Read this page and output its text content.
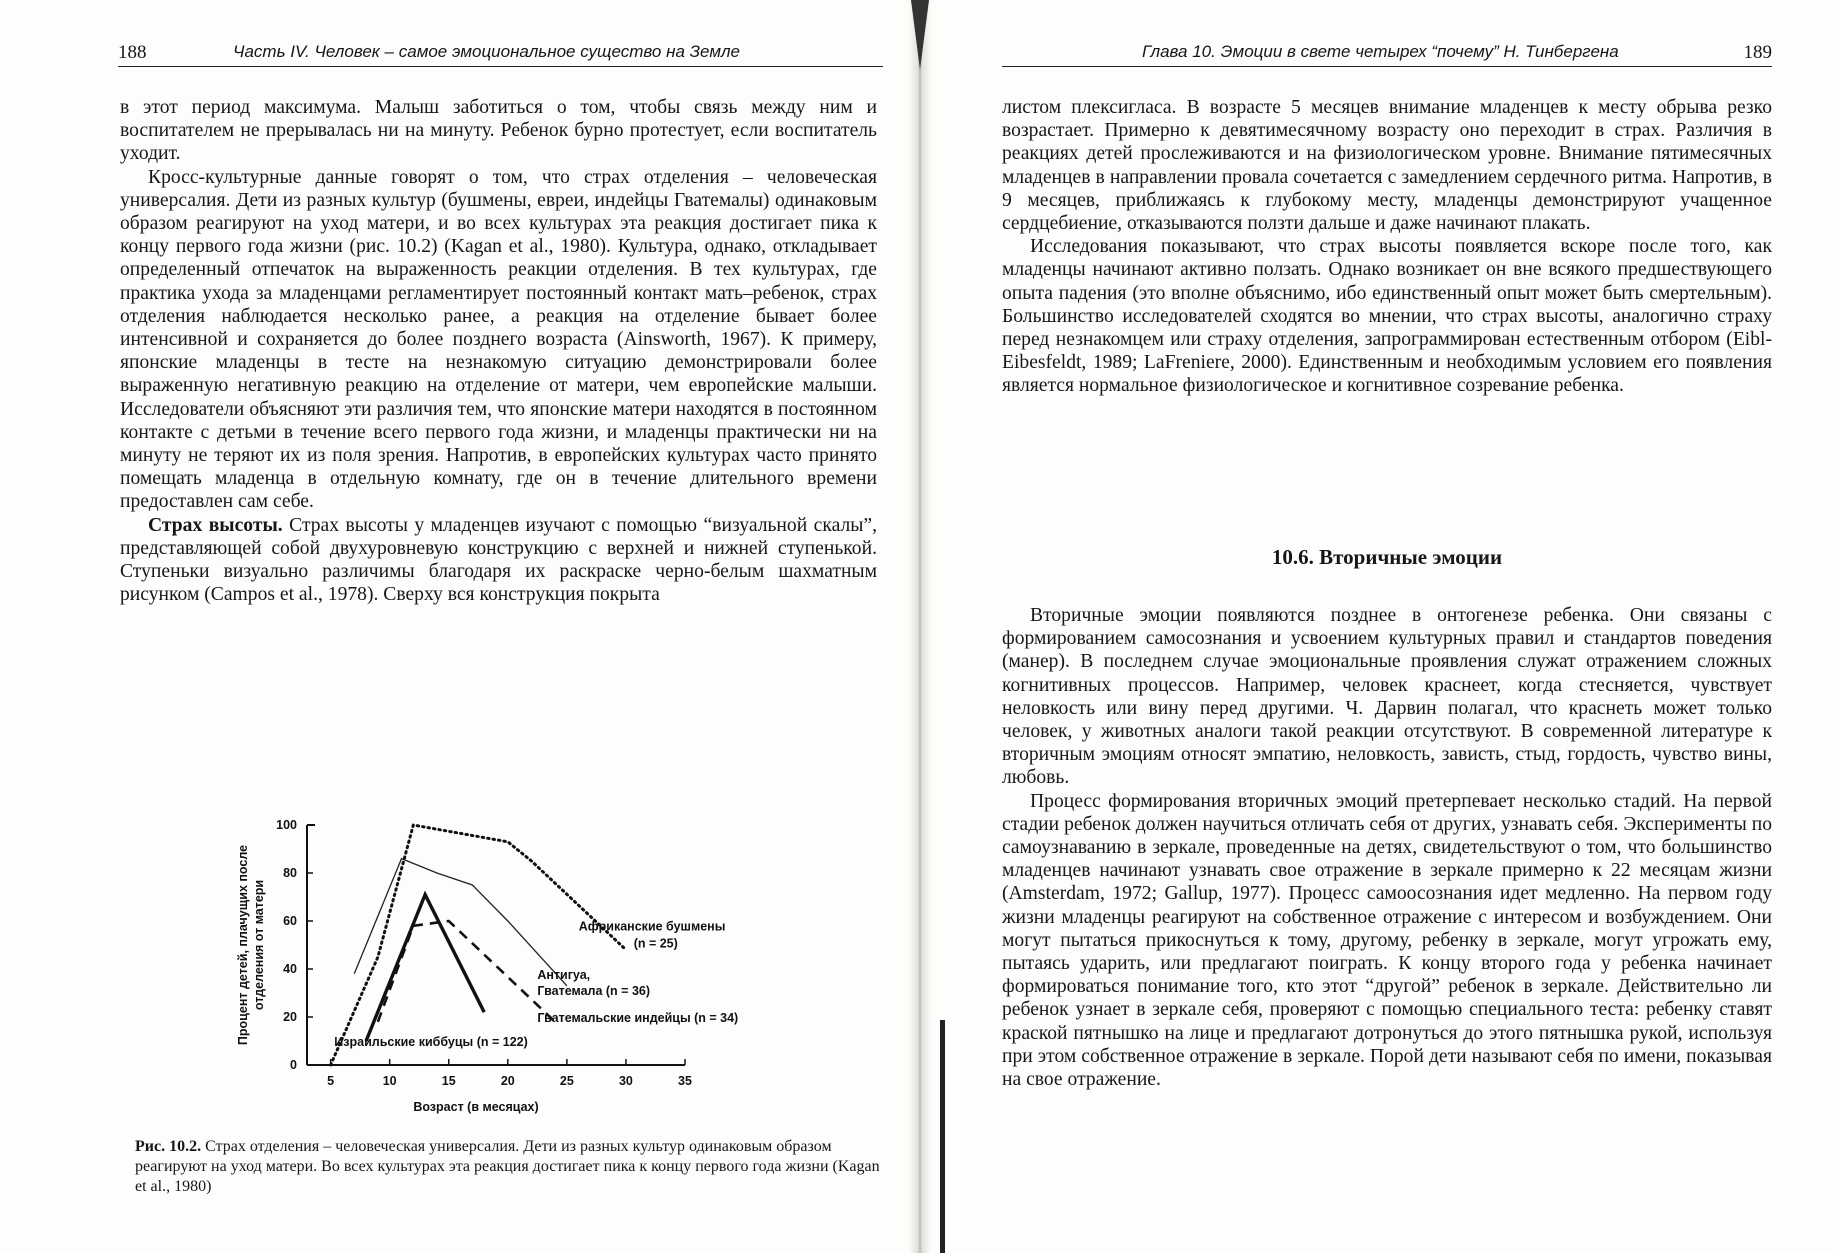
188	Часть IV. Человек – самое эмоциональное существо на Земле

в этот период максимума. Малыш заботиться о том, чтобы связь между ним и воспитателем не прерывалась ни на минуту. Ребенок бурно протестует, если воспитатель уходит.

Кросс-культурные данные говорят о том, что страх отделения – человеческая универсалия. Дети из разных культур (бушмены, евреи, индейцы Гватемалы) одинаковым образом реагируют на уход матери, и во всех культурах эта реакция достигает пика к концу первого года жизни (рис. 10.2) (Kagan et al., 1980). Культура, однако, откладывает определенный отпечаток на выраженность реакции отделения. В тех культурах, где практика ухода за младенцами регламентирует постоянный контакт мать–ребенок, страх отделения наблюдается несколько ранее, а реакция на отделение бывает более интенсивной и сохраняется до более позднего возраста (Ainsworth, 1967). К примеру, японские младенцы в тесте на незнакомую ситуацию демонстрировали более выраженную негативную реакцию на отделение от матери, чем европейские малыши. Исследователи объясняют эти различия тем, что японские матери находятся в постоянном контакте с детьми в течение всего первого года жизни, и младенцы практически ни на минуту не теряют их из поля зрения. Напротив, в европейских культурах часто принято помещать младенца в отдельную комнату, где он в течение длительного времени предоставлен сам себе.

Страх высоты. Страх высоты у младенцев изучают с помощью “визуальной скалы”, представляющей собой двухуровневую конструкцию с верхней и нижней ступенькой. Ступеньки визуально различимы благодаря их раскраске черно-белым шахматным рисунком (Campos et al., 1978). Сверху вся конструкция покрыта

0
20
40
60
80
100
5	10	15	20	25	30	35
Возраст (в месяцах)
Процент детей, плачущих после отделения от матери	Африканские бушмены
(n = 25)
Антигуа,
Гватемала (n = 36)
Гватемальские индейцы (n = 34)
Израильские киббуцы (n = 122)
Рис. 10.2. Страх отделения – человеческая универсалия. Дети из разных культур одинаковым образом реагируют на уход матери. Во всех культурах эта реакция достигает пика к концу первого года жизни (Kagan et al., 1980)
Глава 10. Эмоции в свете четырех “почему” Н. Тинбергена	189

листом плексигласа. В возрасте 5 месяцев внимание младенцев к месту обрыва резко возрастает. Примерно к девятимесячному возрасту оно переходит в страх. Различия в реакциях детей прослеживаются и на физиологическом уровне. Внимание пятимесячных младенцев в направлении провала сочетается с замедлением сердечного ритма. Напротив, в 9 месяцев, приближаясь к глубокому месту, младенцы демонстрируют учащенное сердцебиение, отказываются ползти дальше и даже начинают плакать.

Исследования показывают, что страх высоты появляется вскоре после того, как младенцы начинают активно ползать. Однако возникает он вне всякого предшествующего опыта падения (это вполне объяснимо, ибо единственный опыт может быть смертельным). Большинство исследователей сходятся во мнении, что страх высоты, аналогично страху перед незнакомцем или страху отделения, запрограммирован естественным отбором (Eibl-Eibesfeldt, 1989; LaFreniere, 2000). Единственным и необходимым условием его появления является нормальное физиологическое и когнитивное созревание ребенка.

10.6. Вторичные эмоции

Вторичные эмоции появляются позднее в онтогенезе ребенка. Они связаны с формированием самосознания и усвоением культурных правил и стандартов поведения (манер). В последнем случае эмоциональные проявления служат отражением сложных когнитивных процессов. Например, человек краснеет, когда стесняется, чувствует неловкость или вину перед другими. Ч. Дарвин полагал, что краснеть может только человек, у животных аналоги такой реакции отсутствуют. В современной литературе к вторичным эмоциям относят эмпатию, неловкость, зависть, стыд, гордость, чувство вины, любовь.

Процесс формирования вторичных эмоций претерпевает несколько стадий. На первой стадии ребенок должен научиться отличать себя от других, узнавать себя. Эксперименты по самоузнаванию в зеркале, проведенные на детях, свидетельствуют о том, что большинство младенцев начинают узнавать свое отражение в зеркале примерно к 22 месяцам жизни (Amsterdam, 1972; Gallup, 1977). Процесс самоосознания идет медленно. На первом году жизни младенцы реагируют на собственное отражение с интересом и возбуждением. Они могут пытаться прикоснуться к тому, другому, ребенку в зеркале, могут угрожать ему, пытаясь ударить, или предлагают поиграть. К концу второго года у ребенка начинает формироваться понимание того, кто этот “другой” ребенок в зеркале. Действительно ли ребенок узнает в зеркале себя, проверяют с помощью специального теста: ребенку ставят краской пятнышко на лице и предлагают дотронуться до этого пятнышка рукой, используя при этом собственное отражение в зеркале. Порой дети называют себя по имени, показывая на свое отражение.
